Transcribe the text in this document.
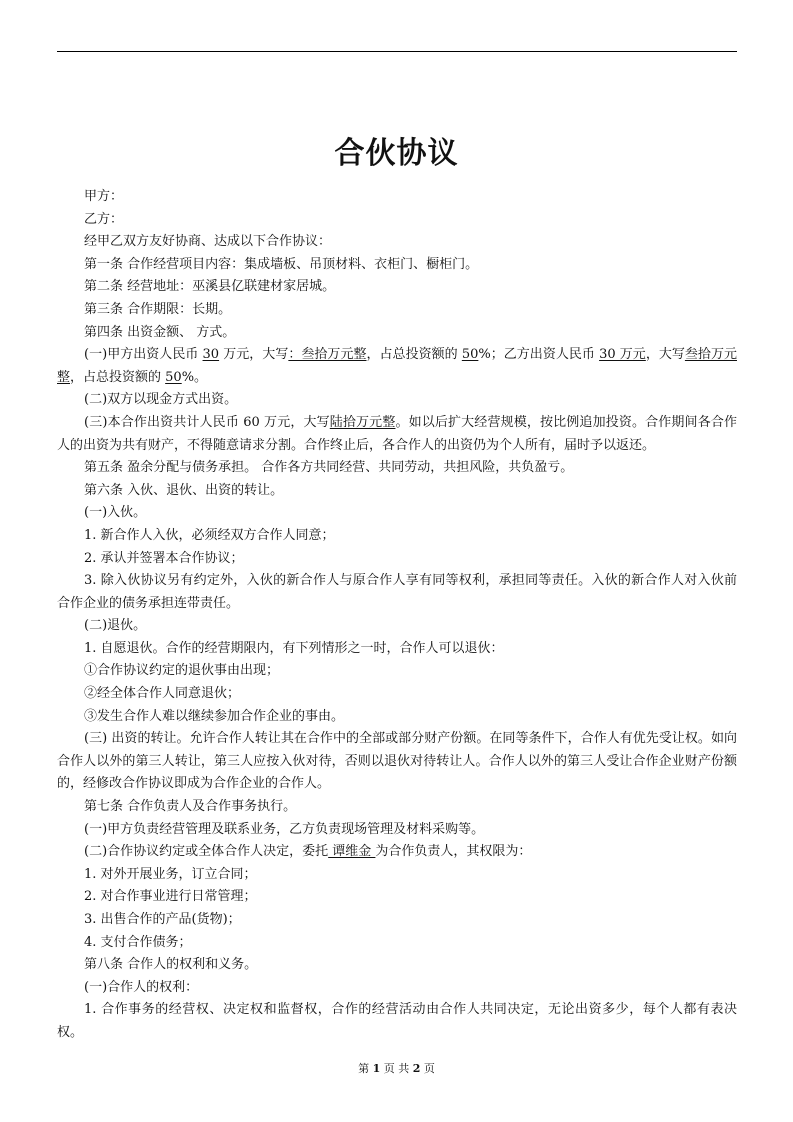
合伙协议

甲方：

乙方：

经甲乙双方友好协商、达成以下合作协议：

第一条 合作经营项目内容：集成墙板、吊顶材料、衣柜门、橱柜门。

第二条 经营地址：巫溪县亿联建材家居城。

第三条 合作期限：长期。

第四条 出资金额、 方式。

(一)甲方出资人民币 30 万元，大写：叁拾万元整，占总投资额的 50%；乙方出资人民币 30 万元，大写叁拾万元整，占总投资额的 50%。

(二)双方以现金方式出资。

(三)本合作出资共计人民币 60 万元，大写陆拾万元整。如以后扩大经营规模，按比例追加投资。合作期间各合作人的出资为共有财产，不得随意请求分割。合作终止后，各合作人的出资仍为个人所有，届时予以返还。

第五条 盈余分配与债务承担。 合作各方共同经营、共同劳动，共担风险，共负盈亏。

第六条 入伙、退伙、出资的转让。

(一)入伙。

1. 新合作人入伙，必须经双方合作人同意；

2. 承认并签署本合作协议；

3. 除入伙协议另有约定外，入伙的新合作人与原合作人享有同等权利，承担同等责任。入伙的新合作人对入伙前合作企业的债务承担连带责任。

(二)退伙。

1. 自愿退伙。合作的经营期限内，有下列情形之一时，合作人可以退伙：

①合作协议约定的退伙事由出现；

②经全体合作人同意退伙；

③发生合作人难以继续参加合作企业的事由。

(三) 出资的转让。允许合作人转让其在合作中的全部或部分财产份额。在同等条件下，合作人有优先受让权。如向合作人以外的第三人转让，第三人应按入伙对待，否则以退伙对待转让人。合作人以外的第三人受让合作企业财产份额的，经修改合作协议即成为合作企业的合作人。

第七条 合作负责人及合作事务执行。

(一)甲方负责经营管理及联系业务，乙方负责现场管理及材料采购等。

(二)合作协议约定或全体合作人决定，委托 谭维金 为合作负责人，其权限为：

1. 对外开展业务，订立合同；

2. 对合作事业进行日常管理；

3. 出售合作的产品(货物)；

4. 支付合作债务；

第八条 合作人的权利和义务。

(一)合作人的权利：

1. 合作事务的经营权、决定权和监督权，合作的经营活动由合作人共同决定，无论出资多少，每个人都有表决权。

第 1 页 共 2 页
